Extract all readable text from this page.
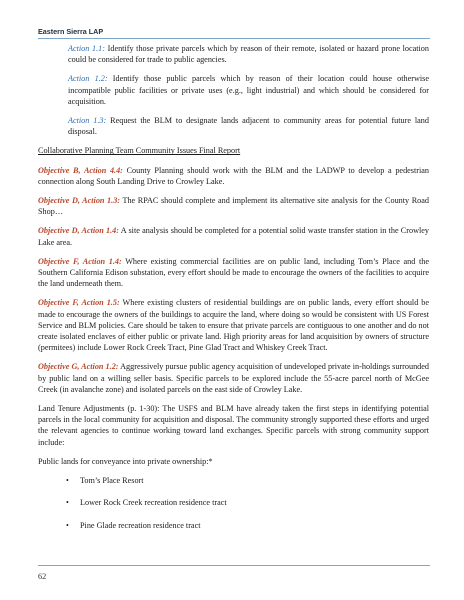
Eastern Sierra LAP

Action 1.1: Identify those private parcels which by reason of their remote, isolated or hazard prone location could be considered for trade to public agencies.

Action 1.2: Identify those public parcels which by reason of their location could house otherwise incompatible public facilities or private uses (e.g., light industrial) and which should be considered for acquisition.

Action 1.3: Request the BLM to designate lands adjacent to community areas for potential future land disposal.

Collaborative Planning Team Community Issues Final Report

Objective B, Action 4.4: County Planning should work with the BLM and the LADWP to develop a pedestrian connection along South Landing Drive to Crowley Lake.

Objective D, Action 1.3: The RPAC should complete and implement its alternative site analysis for the County Road Shop…

Objective D, Action 1.4: A site analysis should be completed for a potential solid waste transfer station in the Crowley Lake area.

Objective F, Action 1.4: Where existing commercial facilities are on public land, including Tom’s Place and the Southern California Edison substation, every effort should be made to encourage the owners of the facilities to acquire the land underneath them.

Objective F, Action 1.5: Where existing clusters of residential buildings are on public lands, every effort should be made to encourage the owners of the buildings to acquire the land, where doing so would be consistent with US Forest Service and BLM policies. Care should be taken to ensure that private parcels are contiguous to one another and do not create isolated enclaves of either public or private land. High priority areas for land acquisition by owners of structure (permitees) include Lower Rock Creek Tract, Pine Glad Tract and Whiskey Creek Tract.

Objective G, Action 1.2: Aggressively pursue public agency acquisition of undeveloped private in-holdings surrounded by public land on a willing seller basis. Specific parcels to be explored include the 55-acre parcel north of McGee Creek (in avalanche zone) and isolated parcels on the east side of Crowley Lake.

Land Tenure Adjustments (p. 1-30): The USFS and BLM have already taken the first steps in identifying potential parcels in the local community for acquisition and disposal. The community strongly supported these efforts and urged the relevant agencies to continue working toward land exchanges. Specific parcels with strong community support include:

Public lands for conveyance into private ownership:*

• Tom’s Place Resort
• Lower Rock Creek recreation residence tract
• Pine Glade recreation residence tract
62
